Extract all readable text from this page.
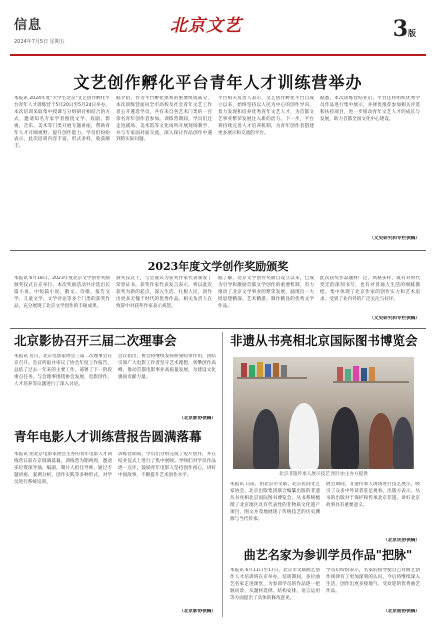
信息
2024年7月5日 星期五
北京文艺	3版
文艺创作孵化平台青年人才训练营举办
本报讯 2024年度"大学生北京"文艺创作孵化平台青年人才训练营于5月20日至5月24日举办。本次培训采取集中授课与分组研讨相结合的方式，邀请知名专家学者围绕文学、戏剧、影视、音乐、美术等门类开展专题讲座，帮助青年人才开阔视野、提升创作能力。学员们纷纷表示，此次培训内容丰富，形式多样，收获颇丰。
据介绍，作为平台孵化体系的重要组成部分，本次训练营面向全市高校及社会青年文艺工作者公开遴选学员，共有来自各艺术门类的一百余名青年创作者参加。训练营期间，学员们还走进剧场、美术馆等文化场所开展现场教学，并与专家面对面交流，深入探讨作品创作中遇到的实际问题。
平台相关负责人表示，文艺创作孵化平台自成立以来，始终坚持以人民为中心的创作导向，着力发现和培养优秀青年文艺人才，为首都文艺事业繁荣发展注入新的活力。下一步，平台将持续完善人才培养机制，为青年创作者搭建更多展示和交流的平台。
据悉，本次训练营结业后，平台还将组织优秀学员作品进行集中展示，并择优推荐参加相关评选和扶持项目，进一步推动青年文艺人才的成长与发展，助力首都全国文化中心建设。
（文史研究和专栏供稿）
2023年度文学创作奖励颁奖
本报讯 6月18日，2023年度北京文学创作奖励颁奖仪式在京举行。本次奖励活动共评选出长篇小说、中短篇小说、散文、诗歌、报告文学、儿童文学、文学评论等多个门类的获奖作品，充分展现了北京文学创作的丰硕成果。
颁奖仪式上，与会嘉宾为获奖作家代表颁发了荣誉证书。获奖作家代表发言表示，将以此次获奖为新的起点，深入生活、扎根人民，创作出更多无愧于时代的优秀作品。相关负责人在致辞中对获奖作家表示祝贺。
据了解，北京文学创作奖励自设立以来，已成为引导和激励首都文学创作的重要机制，有力推动了北京文学事业的繁荣发展，涌现出一大批思想精深、艺术精湛、制作精良的优秀文学作品。
此次获奖作品题材广泛、风格多样，既有对时代变迁的深刻书写，也有对普通人生活的细腻描绘，集中体现了北京作家的创作实力和艺术追求，受到了业内外的广泛关注与好评。
（文史研究和专栏供稿）
北京影协召开三届二次理事会
本报讯 近日，北京电影家协会三届二次理事会在京召开。会议听取并审议了协会年度工作报告，总结了过去一年来的主要工作，部署了下一阶段重点任务。与会理事围绕协会发展、电影创作、人才培养等议题进行了深入讨论。
会议指出，协会将继续发挥桥梁纽带作用，团结引领广大电影工作者坚守艺术理想，勇攀创作高峰，推动首都电影事业高质量发展，为建设文化强国贡献力量。
（北京影协供稿）
青年电影人才训练营报告圆满落幕
本报讯 由北京电影家协会主办的青年电影人才训练营日前在京圆满落幕。训练营为期两周，邀请多位资深导演、编剧、制片人担任导师，通过专题讲座、案例分析、创作实践等多种形式，对学员进行系统培训。
训练营期间，学员们分组完成了短片创作，并在结业仪式上进行了集中展映。导师们对学员作品逐一点评，鼓励青年电影人坚持创作初心，讲好中国故事，不断提升艺术创作水平。
（北京影协供稿）
非遗从书亮相北京国际图书博览会
北京非遗传承人展示技艺 图片由主办方提供
本报讯 日前，由北京市文联、北京民间文艺家协会、北京出版集团联合编纂出版的非遗丛书亮相北京国际图书博览会。丛书系统梳理了北京地区具有代表性的非物质文化遗产项目，图文并茂地展现了传统技艺的历史渊源与当代传承。
展会期间，非遗传承人现场进行技艺展示，吸引了众多中外读者驻足观看。出版方表示，丛书的出版对于保护和传承北京非遗、讲好北京故事具有重要意义。
（北京民协供稿）
曲艺名家为参训学员作品"把脉"
本报讯 6月11日至17日，北京市文联曲艺创作人才培训班在京举办。培训期间，多位曲艺名家走进课堂，为参训学员的作品逐一把脉问诊，从题材选择、结构安排、语言运用等方面提出了具体的修改意见。
学员们纷纷表示，名家的指导使自己对曲艺创作规律有了更加深刻的认识，今后将继续深入生活，创作出更多接地气、受欢迎的优秀曲艺作品。
（北京曲协供稿）
